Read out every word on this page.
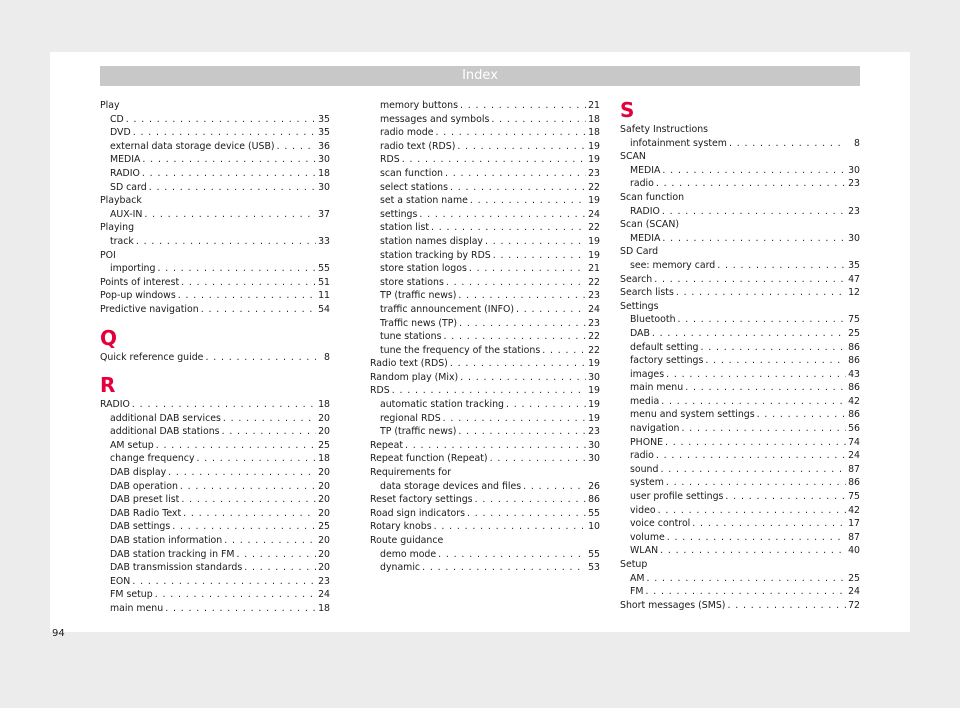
Index
Play
CD . . .	35
DVD . . .	35
external data storage device (USB) . . .	36
MEDIA . . .	30
RADIO . . .	18
SD card . . .	30
Playback
AUX-IN . . .	37
Playing
track . . .	33
POI
importing . . .	55
Points of interest . . .	51
Pop-up windows . . .	11
Predictive navigation . . .	54
Q
Quick reference guide . . .	8
R
RADIO . . .	18
additional DAB services . . .	20
additional DAB stations . . .	20
AM setup . . .	25
change frequency . . .	18
DAB display . . .	20
DAB operation . . .	20
DAB preset list . . .	20
DAB Radio Text . . .	20
DAB settings . . .	25
DAB station information . . .	20
DAB station tracking in FM . . .	20
DAB transmission standards . . .	20
EON . . .	23
FM setup . . .	24
main menu . . .	18
memory buttons . . .	21
messages and symbols . . .	18
radio mode . . .	18
radio text (RDS) . . .	19
RDS . . .	19
scan function . . .	23
select stations . . .	22
set a station name . . .	19
settings . . .	24
station list . . .	22
station names display . . .	19
station tracking by RDS . . .	19
store station logos . . .	21
store stations . . .	22
TP (traffic news) . . .	23
traffic announcement (INFO) . . .	24
Traffic news (TP) . . .	23
tune stations . . .	22
tune the frequency of the stations . . .	22
Radio text (RDS) . . .	19
Random play (Mix) . . .	30
RDS . . .	19
automatic station tracking . . .	19
regional RDS . . .	19
TP (traffic news) . . .	23
Repeat . . .	30
Repeat function (Repeat) . . .	30
Requirements for
data storage devices and files . . .	26
Reset factory settings . . .	86
Road sign indicators . . .	55
Rotary knobs . . .	10
Route guidance
demo mode . . .	55
dynamic . . .	53
S
Safety Instructions
infotainment system . . .	8
SCAN
MEDIA . . .	30
radio . . .	23
Scan function
RADIO . . .	23
Scan (SCAN)
MEDIA . . .	30
SD Card
see: memory card . . .	35
Search . . .	47
Search lists . . .	12
Settings
Bluetooth . . .	75
DAB . . .	25
default setting . . .	86
factory settings . . .	86
images . . .	43
main menu . . .	86
media . . .	42
menu and system settings . . .	86
navigation . . .	56
PHONE . . .	74
radio . . .	24
sound . . .	87
system . . .	86
user profile settings . . .	75
video . . .	42
voice control . . .	17
volume . . .	87
WLAN . . .	40
Setup
AM . . .	25
FM . . .	24
Short messages (SMS) . . .	72
94
